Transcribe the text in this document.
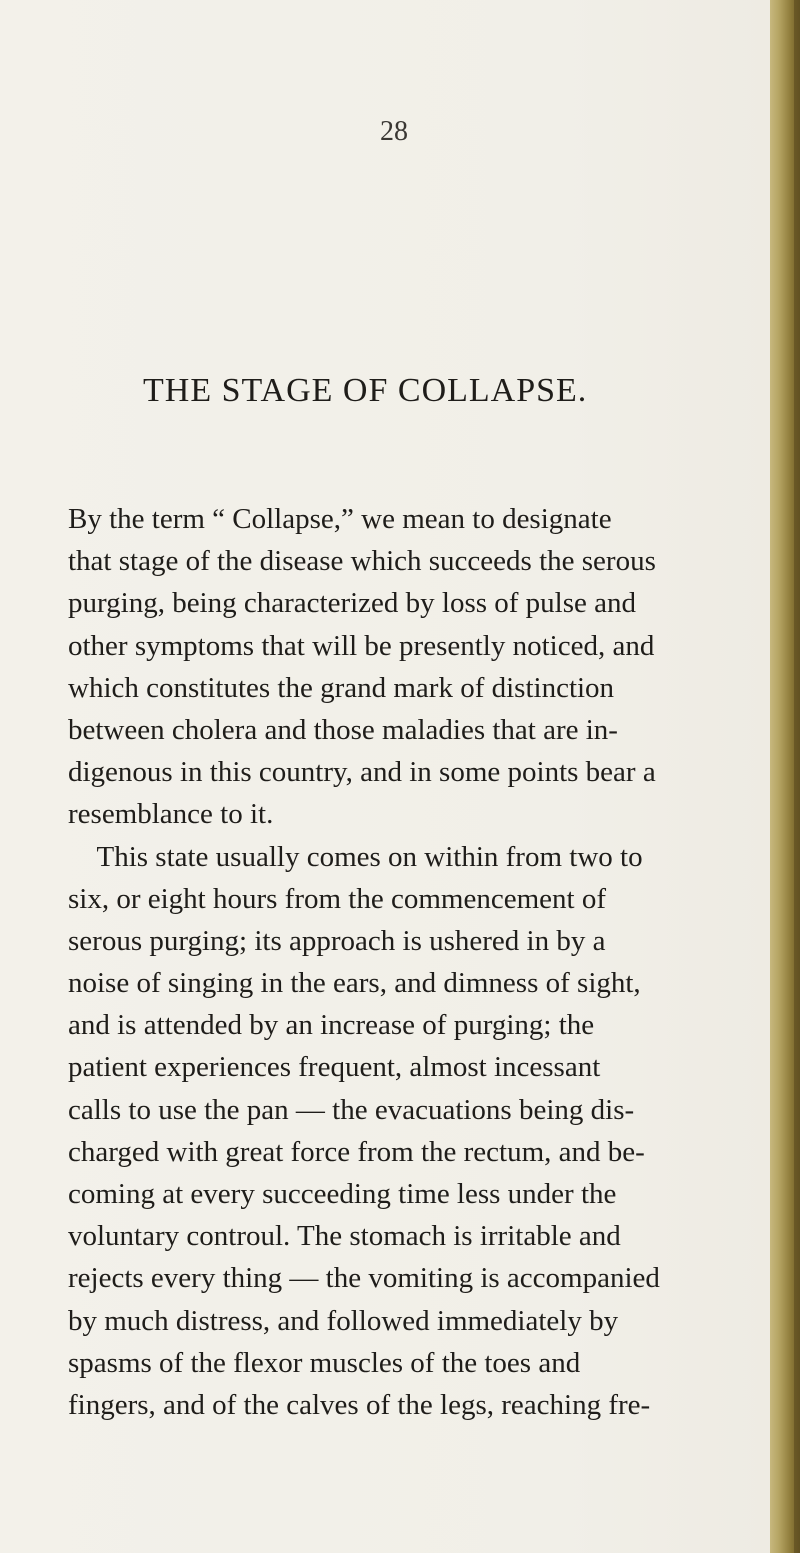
28
THE STAGE OF COLLAPSE.
By the term “ Collapse,” we mean to designate
that stage of the disease which succeeds the serous
purging, being characterized by loss of pulse and
other symptoms that will be presently noticed, and
which constitutes the grand mark of distinction
between cholera and those maladies that are in-
digenous in this country, and in some points bear a
resemblance to it.
This state usually comes on within from two to
six, or eight hours from the commencement of
serous purging; its approach is ushered in by a
noise of singing in the ears, and dimness of sight,
and is attended by an increase of purging; the
patient experiences frequent, almost incessant
calls to use the pan — the evacuations being dis-
charged with great force from the rectum, and be-
coming at every succeeding time less under the
voluntary controul. The stomach is irritable and
rejects every thing — the vomiting is accompanied
by much distress, and followed immediately by
spasms of the flexor muscles of the toes and
fingers, and of the calves of the legs, reaching fre-
